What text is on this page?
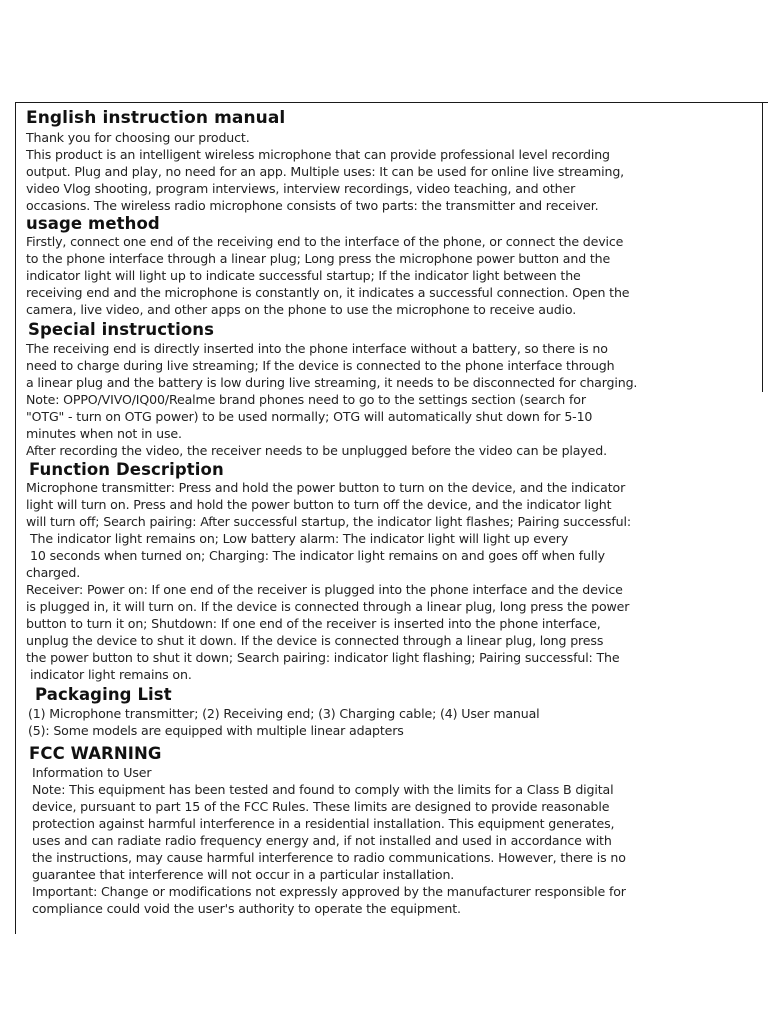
English instruction manual

Thank you for choosing our product.

This product is an intelligent wireless microphone that can provide professional level recording

output. Plug and play, no need for an app. Multiple uses: It can be used for online live streaming,

video Vlog shooting, program interviews, interview recordings, video teaching, and other

occasions. The wireless radio microphone consists of two parts: the transmitter and receiver.

usage method

Firstly, connect one end of the receiving end to the interface of the phone, or connect the device

to the phone interface through a linear plug; Long press the microphone power button and the

indicator light will light up to indicate successful startup; If the indicator light between the

receiving end and the microphone is constantly on, it indicates a successful connection. Open the

camera, live video, and other apps on the phone to use the microphone to receive audio.

Special instructions

The receiving end is directly inserted into the phone interface without a battery, so there is no

need to charge during live streaming; If the device is connected to the phone interface through

a linear plug and the battery is low during live streaming, it needs to be disconnected for charging.

Note: OPPO/VIVO/IQ00/Realme brand phones need to go to the settings section (search for

"OTG" - turn on OTG power) to be used normally; OTG will automatically shut down for 5-10

minutes when not in use.

After recording the video, the receiver needs to be unplugged before the video can be played.

Function Description

Microphone transmitter: Press and hold the power button to turn on the device, and the indicator

light will turn on. Press and hold the power button to turn off the device, and the indicator light

will turn off; Search pairing: After successful startup, the indicator light flashes; Pairing successful:

The indicator light remains on; Low battery alarm: The indicator light will light up every

10 seconds when turned on; Charging: The indicator light remains on and goes off when fully

charged.

Receiver: Power on: If one end of the receiver is plugged into the phone interface and the device

is plugged in, it will turn on. If the device is connected through a linear plug, long press the power

button to turn it on; Shutdown: If one end of the receiver is inserted into the phone interface,

unplug the device to shut it down. If the device is connected through a linear plug, long press

the power button to shut it down; Search pairing: indicator light flashing; Pairing successful: The

indicator light remains on.

Packaging List

(1) Microphone transmitter; (2) Receiving end; (3) Charging cable; (4) User manual

(5): Some models are equipped with multiple linear adapters

FCC WARNING

Information to User

Note: This equipment has been tested and found to comply with the limits for a Class B digital

device, pursuant to part 15 of the FCC Rules. These limits are designed to provide reasonable

protection against harmful interference in a residential installation. This equipment generates,

uses and can radiate radio frequency energy and, if not installed and used in accordance with

the instructions, may cause harmful interference to radio communications. However, there is no

guarantee that interference will not occur in a particular installation.

Important: Change or modifications not expressly approved by the manufacturer responsible for

compliance could void the user's authority to operate the equipment.
